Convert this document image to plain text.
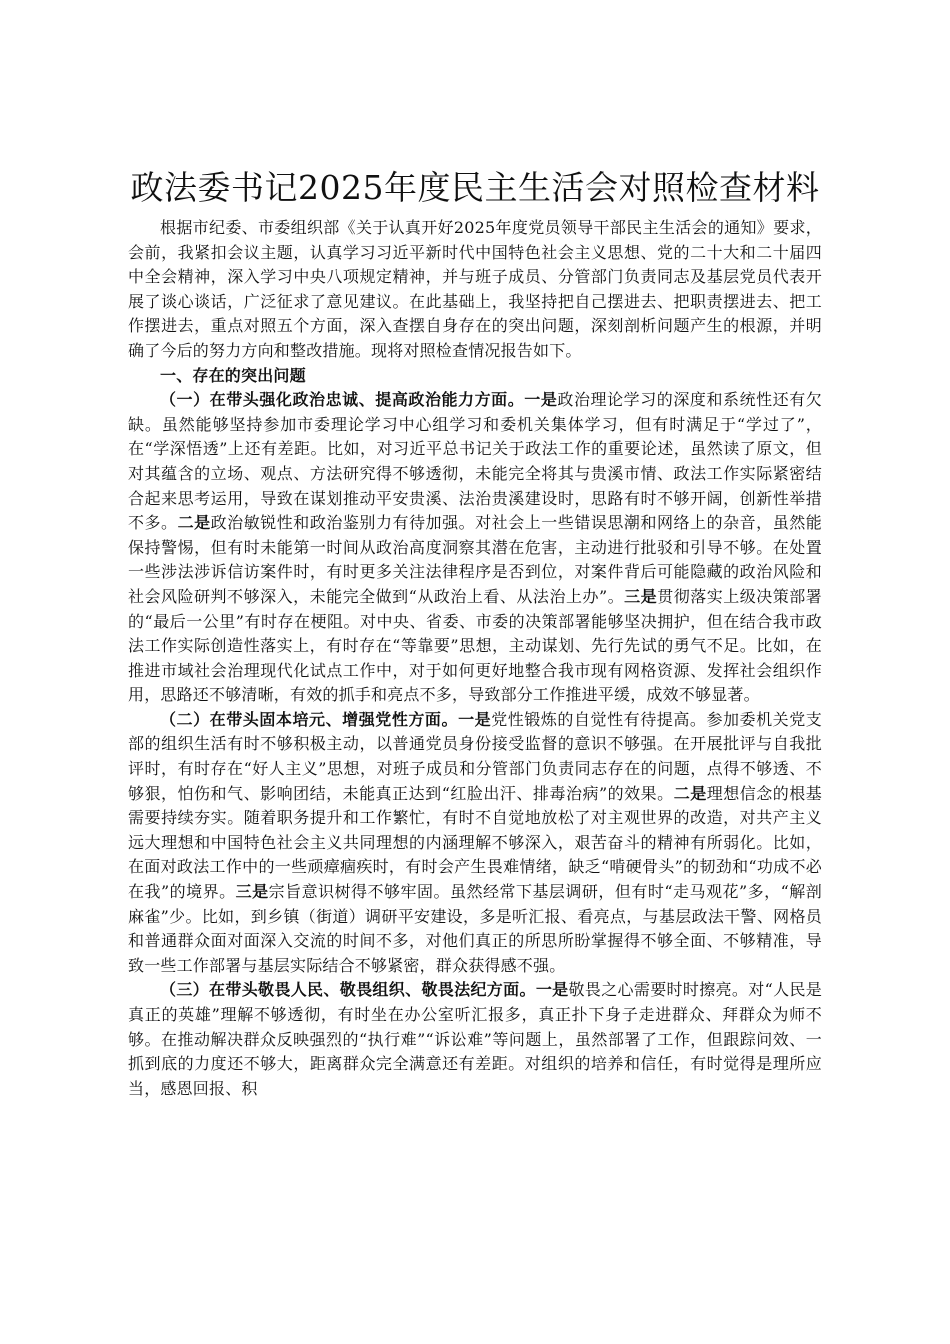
政法委书记2025年度民主生活会对照检查材料

根据市纪委、市委组织部《关于认真开好2025年度党员领导干部民主生活会的通知》要求，会前，我紧扣会议主题，认真学习习近平新时代中国特色社会主义思想、党的二十大和二十届四中全会精神，深入学习中央八项规定精神，并与班子成员、分管部门负责同志及基层党员代表开展了谈心谈话，广泛征求了意见建议。在此基础上，我坚持把自己摆进去、把职责摆进去、把工作摆进去，重点对照五个方面，深入查摆自身存在的突出问题，深刻剖析问题产生的根源，并明确了今后的努力方向和整改措施。现将对照检查情况报告如下。

一、存在的突出问题

（一）在带头强化政治忠诚、提高政治能力方面。一是政治理论学习的深度和系统性还有欠缺。虽然能够坚持参加市委理论学习中心组学习和委机关集体学习，但有时满足于“学过了”，在“学深悟透”上还有差距。比如，对习近平总书记关于政法工作的重要论述，虽然读了原文，但对其蕴含的立场、观点、方法研究得不够透彻，未能完全将其与贵溪市情、政法工作实际紧密结合起来思考运用，导致在谋划推动平安贵溪、法治贵溪建设时，思路有时不够开阔，创新性举措不多。二是政治敏锐性和政治鉴别力有待加强。对社会上一些错误思潮和网络上的杂音，虽然能保持警惕，但有时未能第一时间从政治高度洞察其潜在危害，主动进行批驳和引导不够。在处置一些涉法涉诉信访案件时，有时更多关注法律程序是否到位，对案件背后可能隐藏的政治风险和社会风险研判不够深入，未能完全做到“从政治上看、从法治上办”。三是贯彻落实上级决策部署的“最后一公里”有时存在梗阻。对中央、省委、市委的决策部署能够坚决拥护，但在结合我市政法工作实际创造性落实上，有时存在“等靠要”思想，主动谋划、先行先试的勇气不足。比如，在推进市域社会治理现代化试点工作中，对于如何更好地整合我市现有网格资源、发挥社会组织作用，思路还不够清晰，有效的抓手和亮点不多，导致部分工作推进平缓，成效不够显著。

（二）在带头固本培元、增强党性方面。一是党性锻炼的自觉性有待提高。参加委机关党支部的组织生活有时不够积极主动，以普通党员身份接受监督的意识不够强。在开展批评与自我批评时，有时存在“好人主义”思想，对班子成员和分管部门负责同志存在的问题，点得不够透、不够狠，怕伤和气、影响团结，未能真正达到“红脸出汗、排毒治病”的效果。二是理想信念的根基需要持续夯实。随着职务提升和工作繁忙，有时不自觉地放松了对主观世界的改造，对共产主义远大理想和中国特色社会主义共同理想的内涵理解不够深入，艰苦奋斗的精神有所弱化。比如，在面对政法工作中的一些顽瘴痼疾时，有时会产生畏难情绪，缺乏“啃硬骨头”的韧劲和“功成不必在我”的境界。三是宗旨意识树得不够牢固。虽然经常下基层调研，但有时“走马观花”多，“解剖麻雀”少。比如，到乡镇（街道）调研平安建设，多是听汇报、看亮点，与基层政法干警、网格员和普通群众面对面深入交流的时间不多，对他们真正的所思所盼掌握得不够全面、不够精准，导致一些工作部署与基层实际结合不够紧密，群众获得感不强。

（三）在带头敬畏人民、敬畏组织、敬畏法纪方面。一是敬畏之心需要时时擦亮。对“人民是真正的英雄”理解不够透彻，有时坐在办公室听汇报多，真正扑下身子走进群众、拜群众为师不够。在推动解决群众反映强烈的“执行难”“诉讼难”等问题上，虽然部署了工作，但跟踪问效、一抓到底的力度还不够大，距离群众完全满意还有差距。对组织的培养和信任，有时觉得是理所应当，感恩回报、积
